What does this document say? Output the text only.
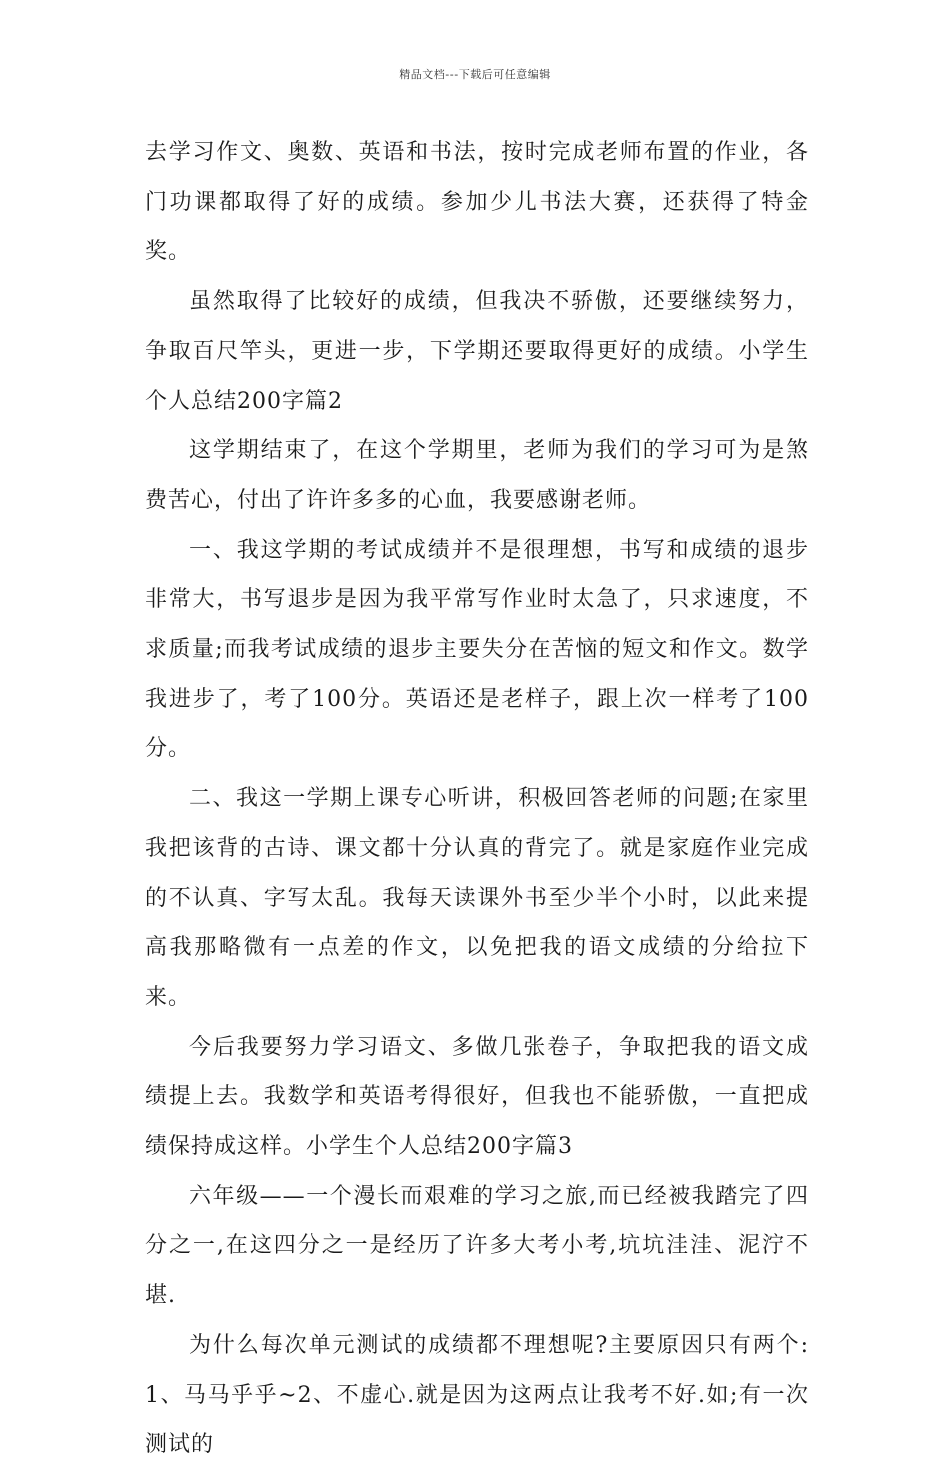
精品文档---下载后可任意编辑

去学习作文、奥数、英语和书法，按时完成老师布置的作业，各门功课都取得了好的成绩。参加少儿书法大赛，还获得了特金奖。

虽然取得了比较好的成绩，但我决不骄傲，还要继续努力，争取百尺竿头，更进一步，下学期还要取得更好的成绩。小学生个人总结200字篇2

这学期结束了，在这个学期里，老师为我们的学习可为是煞费苦心，付出了许许多多的心血，我要感谢老师。

一、我这学期的考试成绩并不是很理想，书写和成绩的退步非常大，书写退步是因为我平常写作业时太急了，只求速度，不求质量;而我考试成绩的退步主要失分在苦恼的短文和作文。数学我进步了，考了100分。英语还是老样子，跟上次一样考了100分。

二、我这一学期上课专心听讲，积极回答老师的问题;在家里我把该背的古诗、课文都十分认真的背完了。就是家庭作业完成的不认真、字写太乱。我每天读课外书至少半个小时，以此来提高我那略微有一点差的作文，以免把我的语文成绩的分给拉下来。

今后我要努力学习语文、多做几张卷子，争取把我的语文成绩提上去。我数学和英语考得很好，但我也不能骄傲，一直把成绩保持成这样。小学生个人总结200字篇3

六年级——一个漫长而艰难的学习之旅,而已经被我踏完了四分之一,在这四分之一是经历了许多大考小考,坑坑洼洼、泥泞不堪.

为什么每次单元测试的成绩都不理想呢?主要原因只有两个:1、马马乎乎~2、不虚心.就是因为这两点让我考不好.如;有一次测试的
